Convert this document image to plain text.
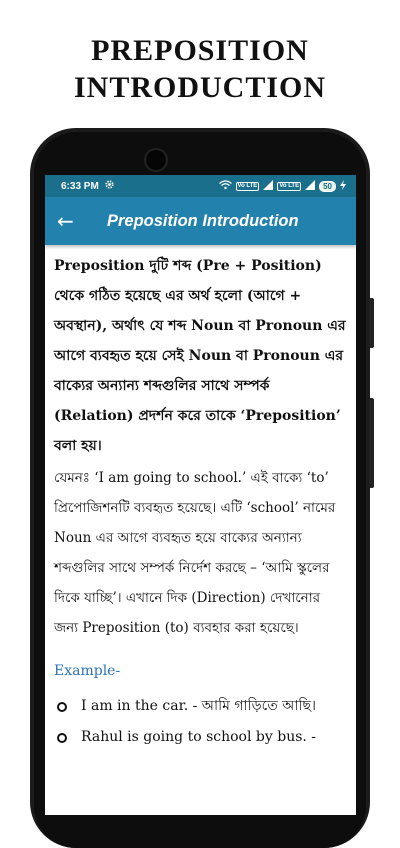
PREPOSITION
INTRODUCTION
6:33 PM	Vo LTE	Vo LTE	50
←	Preposition Introduction

Preposition দুটি শব্দ (Pre + Position) থেকে গঠিত হয়েছে এর অর্থ হলো (আগে + অবস্থান), অর্থাৎ যে শব্দ Noun বা Pronoun এর আগে ব্যবহৃত হয়ে সেই Noun বা Pronoun এর বাক্যের অন্যান্য শব্দগুলির সাথে সম্পর্ক (Relation) প্রদর্শন করে তাকে ‘Preposition’ বলা হয়।

যেমনঃ ‘I am going to school.’ এই বাক্যে ‘to’ প্রিপোজিশনটি ব্যবহৃত হয়েছে। এটি ‘school’ নামের Noun এর আগে ব্যবহৃত হয়ে বাক্যের অন্যান্য শব্দগুলির সাথে সম্পর্ক নির্দেশ করছে – ‘আমি স্কুলের দিকে যাচ্ছি’। এখানে দিক (Direction) দেখানোর জন্য Preposition (to) ব্যবহার করা হয়েছে।

Example-

I am in the car. - আমি গাড়িতে আছি।
Rahul is going to school by bus. -
